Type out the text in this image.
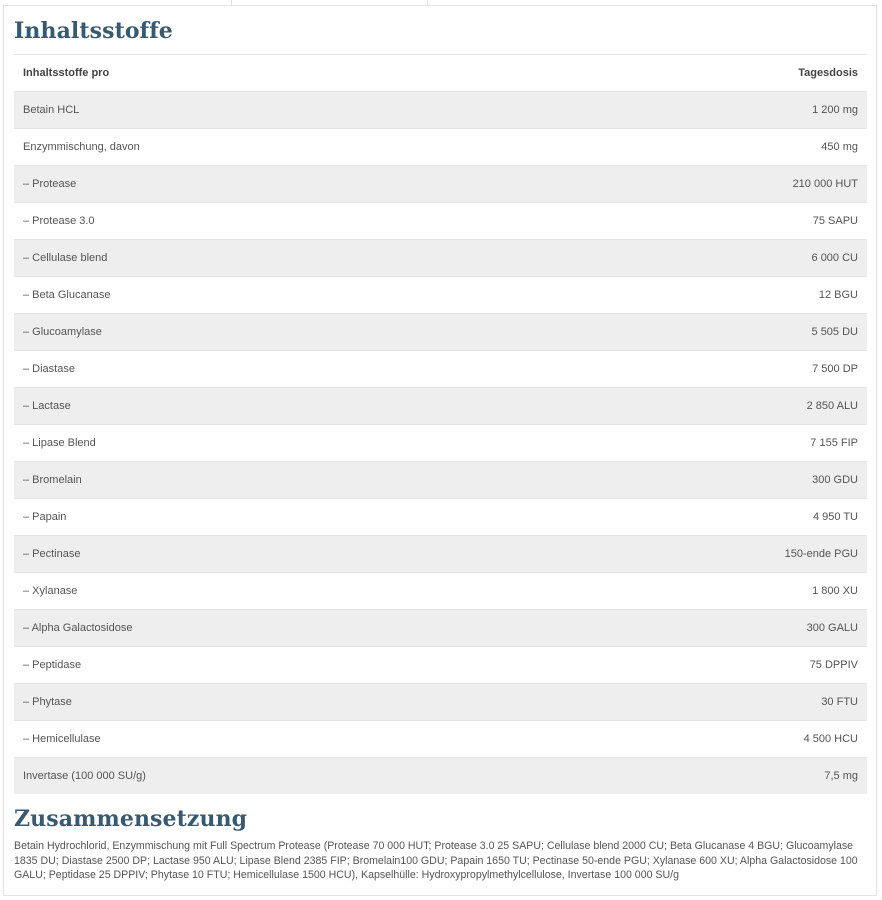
Inhaltsstoffe
Inhaltsstoffe pro	Tagesdosis
Betain HCL	1 200 mg
Enzymmischung, davon	450 mg
– Protease	210 000 HUT
– Protease 3.0	75 SAPU
– Cellulase blend	6 000 CU
– Beta Glucanase	12 BGU
– Glucoamylase	5 505 DU
– Diastase	7 500 DP
– Lactase	2 850 ALU
– Lipase Blend	7 155 FIP
– Bromelain	300 GDU
– Papain	4 950 TU
– Pectinase	150-ende PGU
– Xylanase	1 800 XU
– Alpha Galactosidose	300 GALU
– Peptidase	75 DPPIV
– Phytase	30 FTU
– Hemicellulase	4 500 HCU
Invertase (100 000 SU/g)	7,5 mg
Zusammensetzung

Betain Hydrochlorid, Enzymmischung mit Full Spectrum Protease (Protease 70 000 HUT; Protease 3.0 25 SAPU; Cellulase blend 2000 CU; Beta Glucanase 4 BGU; Glucoamylase 1835 DU; Diastase 2500 DP; Lactase 950 ALU; Lipase Blend 2385 FIP; Bromelain100 GDU; Papain 1650 TU; Pectinase 50-ende PGU; Xylanase 600 XU; Alpha Galactosidose 100 GALU; Peptidase 25 DPPIV; Phytase 10 FTU; Hemicellulase 1500 HCU), Kapselhülle: Hydroxypropylmethylcellulose, Invertase 100 000 SU/g
